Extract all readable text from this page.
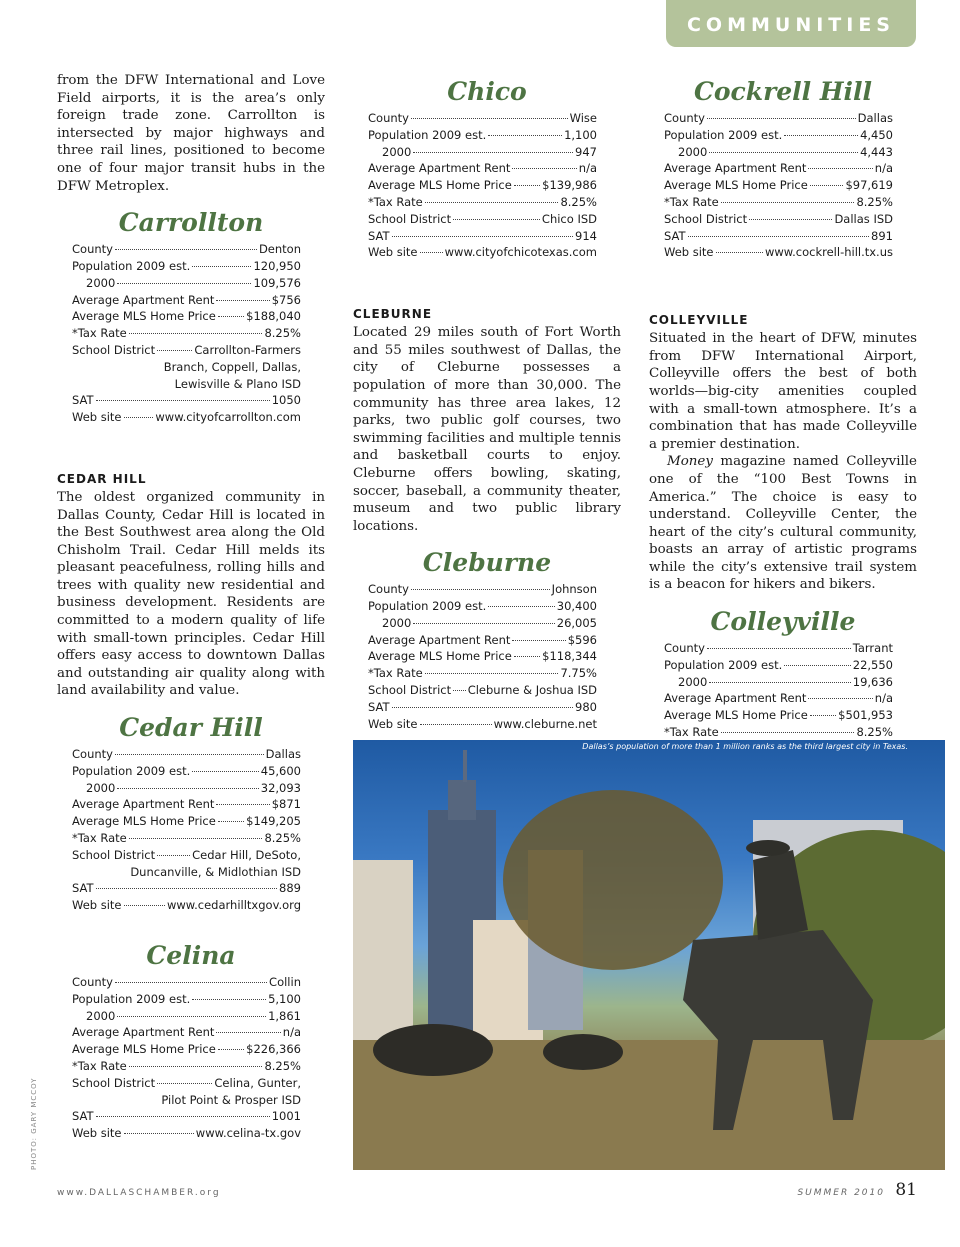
COMMUNITIES

from the DFW International and Love Field airports, it is the area’s only foreign trade zone. Carrollton is intersected by major highways and three rail lines, positioned to become one of four major transit hubs in the DFW Metroplex.

Carrollton
County	Denton
Population 2009 est.	120,950
2000	109,576
Average Apartment Rent	$756
Average MLS Home Price	$188,040
*Tax Rate	8.25%
School District	Carrollton-Farmers
Branch, Coppell, Dallas,
Lewisville & Plano ISD
SAT	1050
Web site	www.cityofcarrollton.com
CEDAR HILL

The oldest organized community in Dallas County, Cedar Hill is located in the Best Southwest area along the Old Chisholm Trail. Cedar Hill melds its pleasant peacefulness, rolling hills and trees with quality new residential and business development. Residents are committed to a modern quality of life with small-town principles. Cedar Hill offers easy access to downtown Dallas and outstanding air quality along with land availability and value.

Cedar Hill
County	Dallas
Population 2009 est.	45,600
2000	32,093
Average Apartment Rent	$871
Average MLS Home Price	$149,205
*Tax Rate	8.25%
School District	Cedar Hill, DeSoto,
Duncanville, & Midlothian ISD
SAT	889
Web site	www.cedarhilltxgov.org
Celina
County	Collin
Population 2009 est.	5,100
2000	1,861
Average Apartment Rent	n/a
Average MLS Home Price	$226,366
*Tax Rate	8.25%
School District	Celina, Gunter,
Pilot Point & Prosper ISD
SAT	1001
Web site	www.celina-tx.gov
Chico
County	Wise
Population 2009 est.	1,100
2000	947
Average Apartment Rent	n/a
Average MLS Home Price	$139,986
*Tax Rate	8.25%
School District	Chico ISD
SAT	914
Web site www.cityofchicotexas.com
CLEBURNE

Located 29 miles south of Fort Worth and 55 miles southwest of Dallas, the city of Cleburne possesses a population of more than 30,000. The community has three area lakes, 12 parks, two public golf courses, two swimming facilities and multiple tennis and basketball courts to enjoy. Cleburne offers bowling, skating, soccer, baseball, a community theater, museum and two public library locations.

Cleburne
County	Johnson
Population 2009 est.	30,400
2000	26,005
Average Apartment Rent	$596
Average MLS Home Price	$118,344
*Tax Rate	7.75%
School District Cleburne & Joshua ISD
SAT	980
Web site	www.cleburne.net
Cockrell Hill
County	Dallas
Population 2009 est.	4,450
2000	4,443
Average Apartment Rent	n/a
Average MLS Home Price	$97,619
*Tax Rate	8.25%
School District	Dallas ISD
SAT	891
Web site	www.cockrell-hill.tx.us
COLLEYVILLE

Situated in the heart of DFW, minutes from DFW International Airport, Colleyville offers the best of both worlds—big-city amenities coupled with a small-town atmosphere. It’s a combination that has made Colleyville a premier destination.

Money magazine named Colleyville one of the “100 Best Towns in America.” The choice is easy to understand. Colleyville Center, the heart of the city’s cultural community, boasts an array of artistic programs while the city’s extensive trail system is a beacon for hikers and bikers.

Colleyville
County	Tarrant
Population 2009 est.	22,550
2000	19,636
Average Apartment Rent	n/a
Average MLS Home Price	$501,953
*Tax Rate	8.25%
Dallas’s population of more than 1 million ranks as the third largest city in Texas.
PHOTO: GARY MCCOY
www.DALLASCHAMBER.org	SUMMER 2010 81
